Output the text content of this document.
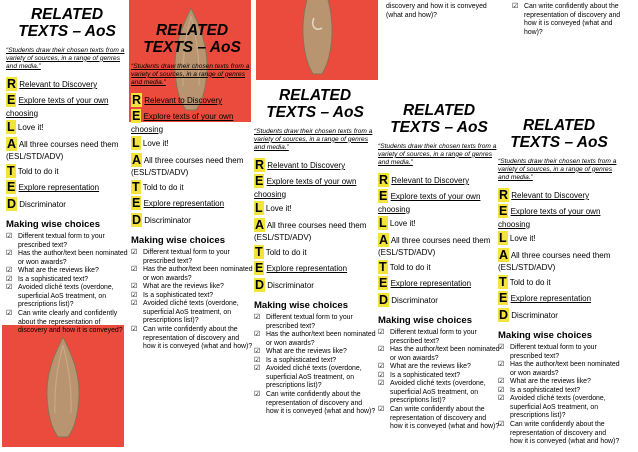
discovery and how it is conveyed (what and how)?
☑ Can write confidently about the representation of discovery and how it is conveyed (what and how)?
RELATED TEXTS – AoS
“Students draw their chosen texts from a variety of sources, in a range of genres and media.”
R Relevant to Discovery
E Explore texts of your own choosing
L Love it!
A All three courses need them (ESL/STD/ADV)
T Told to do it
E Explore representation
D Discriminator
Making wise choices
☑ Different textual form to your prescribed text?
☑ Has the author/text been nominated or won awards?
☑ What are the reviews like?
☑ Is a sophisticated text?
☑ Avoided cliché texts (overdone, superficial AoS treatment, on prescriptions list)?
☑ Can write clearly and confidently about the representation of discovery and how it is conveyed?
RELATED TEXTS – AoS
“Students draw their chosen texts from a variety of sources, in a range of genres and media.”
R Relevant to Discovery
E Explore texts of your own choosing
L Love it!
A All three courses need them (ESL/STD/ADV)
T Told to do it
E Explore representation
D Discriminator
Making wise choices
☑ Different textual form to your prescribed text?
☑ Has the author/text been nominated or won awards?
☑ What are the reviews like?
☑ Is a sophisticated text?
☑ Avoided cliché texts (overdone, superficial AoS treatment, on prescriptions list)?
☑ Can write confidently about the representation of discovery and how it is conveyed (what and how)?
RELATED TEXTS – AoS
“Students draw their chosen texts from a variety of sources, in a range of genres and media.”
R Relevant to Discovery
E Explore texts of your own choosing
L Love it!
A All three courses need them (ESL/STD/ADV)
T Told to do it
E Explore representation
D Discriminator
Making wise choices
☑ Different textual form to your prescribed text?
☑ Has the author/text been nominated or won awards?
☑ What are the reviews like?
☑ Is a sophisticated text?
☑ Avoided cliché texts (overdone, superficial AoS treatment, on prescriptions list)?
☑ Can write confidently about the representation of discovery and how it is conveyed (what and how)?
RELATED TEXTS – AoS
“Students draw their chosen texts from a variety of sources, in a range of genres and media.”
R Relevant to Discovery
E Explore texts of your own choosing
L Love it!
A All three courses need them (ESL/STD/ADV)
T Told to do it
E Explore representation
D Discriminator
Making wise choices
☑ Different textual form to your prescribed text?
☑ Has the author/text been nominated or won awards?
☑ What are the reviews like?
☑ Is a sophisticated text?
☑ Avoided cliché texts (overdone, superficial AoS treatment, on prescriptions list)?
☑ Can write confidently about the representation of discovery and how it is conveyed (what and how)?
RELATED TEXTS – AoS
“Students draw their chosen texts from a variety of sources, in a range of genres and media.”
R Relevant to Discovery
E Explore texts of your own choosing
L Love it!
A All three courses need them (ESL/STD/ADV)
T Told to do it
E Explore representation
D Discriminator
Making wise choices
☑ Different textual form to your prescribed text?
☑ Has the author/text been nominated or won awards?
☑ What are the reviews like?
☑ Is a sophisticated text?
☑ Avoided cliché texts (overdone, superficial AoS treatment, on prescriptions list)?
☑ Can write confidently about the representation of discovery and how it is conveyed (what and how)?
